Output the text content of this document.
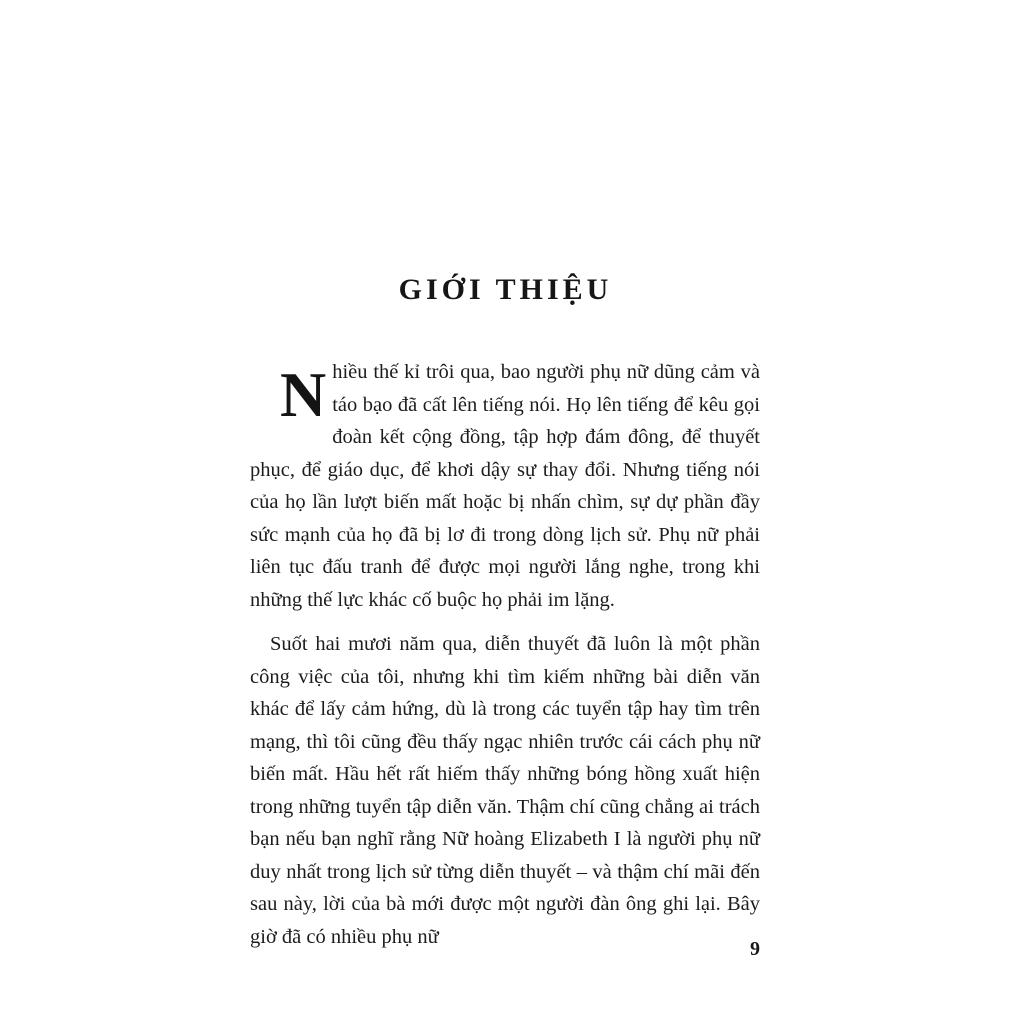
GIỚI THIỆU

Nhiều thế kỉ trôi qua, bao người phụ nữ dũng cảm và táo bạo đã cất lên tiếng nói. Họ lên tiếng để kêu gọi đoàn kết cộng đồng, tập hợp đám đông, để thuyết phục, để giáo dục, để khơi dậy sự thay đổi. Nhưng tiếng nói của họ lần lượt biến mất hoặc bị nhấn chìm, sự dự phần đầy sức mạnh của họ đã bị lơ đi trong dòng lịch sử. Phụ nữ phải liên tục đấu tranh để được mọi người lắng nghe, trong khi những thế lực khác cố buộc họ phải im lặng.

Suốt hai mươi năm qua, diễn thuyết đã luôn là một phần công việc của tôi, nhưng khi tìm kiếm những bài diễn văn khác để lấy cảm hứng, dù là trong các tuyển tập hay tìm trên mạng, thì tôi cũng đều thấy ngạc nhiên trước cái cách phụ nữ biến mất. Hầu hết rất hiếm thấy những bóng hồng xuất hiện trong những tuyển tập diễn văn. Thậm chí cũng chẳng ai trách bạn nếu bạn nghĩ rằng Nữ hoàng Elizabeth I là người phụ nữ duy nhất trong lịch sử từng diễn thuyết – và thậm chí mãi đến sau này, lời của bà mới được một người đàn ông ghi lại. Bây giờ đã có nhiều phụ nữ

9
